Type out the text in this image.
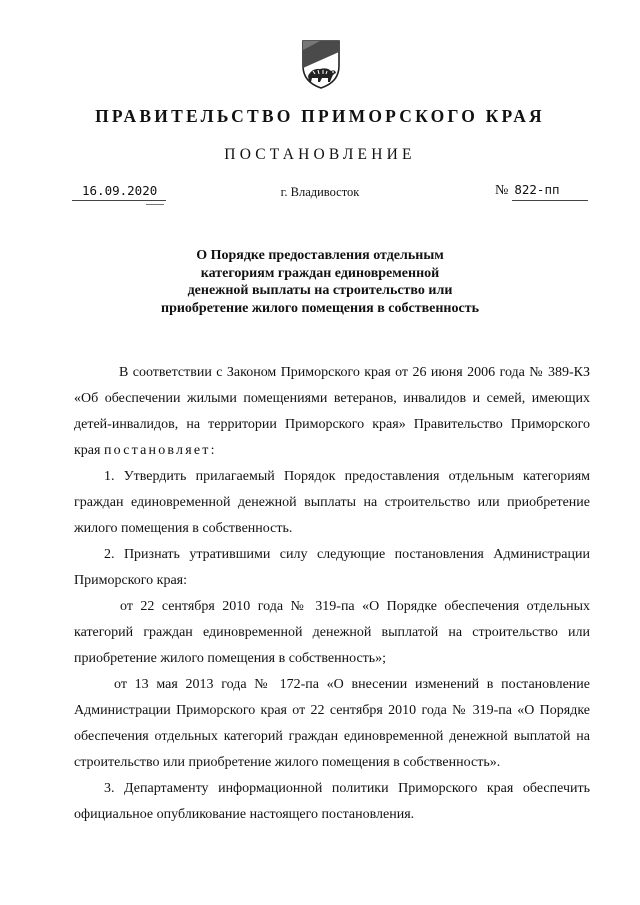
ПРАВИТЕЛЬСТВО ПРИМОРСКОГО КРАЯ
ПОСТАНОВЛЕНИЕ
16.09.2020	г. Владивосток	№ 822-пп
О Порядке предоставления отдельным
категориям граждан единовременной
денежной выплаты на строительство или
приобретение жилого помещения в собственность

В соответствии с Законом Приморского края от 26 июня 2006 года № 389-КЗ «Об обеспечении жилыми помещениями ветеранов, инвалидов и семей, имеющих детей-инвалидов, на территории Приморского края» Правительство Приморского края постановляет:

1. Утвердить прилагаемый Порядок предоставления отдельным категориям граждан единовременной денежной выплаты на строительство или приобретение жилого помещения в собственность.

2. Признать утратившими силу следующие постановления Администрации Приморского края:

от 22 сентября 2010 года № 319-па «О Порядке обеспечения отдельных категорий граждан единовременной денежной выплатой на строительство или приобретение жилого помещения в собственность»;

от 13 мая 2013 года № 172-па «О внесении изменений в постановление Администрации Приморского края от 22 сентября 2010 года № 319-па «О Порядке обеспечения отдельных категорий граждан единовременной денежной выплатой на строительство или приобретение жилого помещения в собственность».

3. Департаменту информационной политики Приморского края обеспечить официальное опубликование настоящего постановления.
